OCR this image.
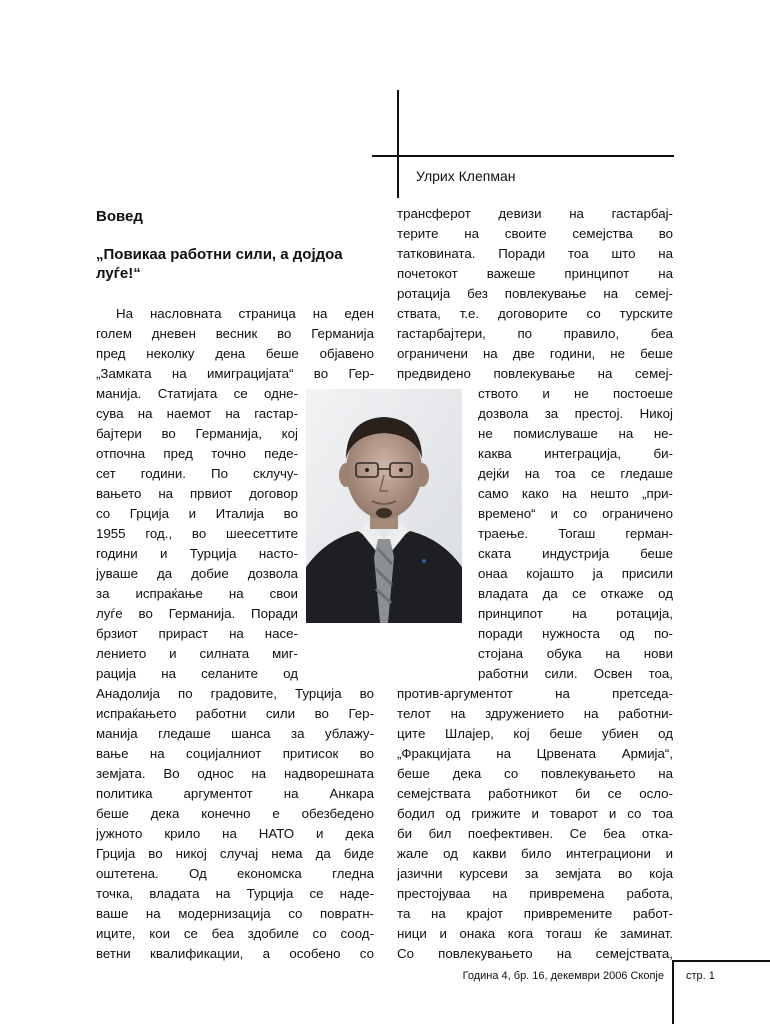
Улрих Клепман
Вовед
„Повикаа работни сили, а дојдоа луѓе!“
На насловната страница на еден
голем дневен весник во Германија
пред неколку дена беше објавено
„Замката на имиграцијата“ во Гер-
манија. Статијата се однe-
сува на наемот на гастар-
бајтери во Германија, кој
отпочна пред точно педе-
сет години. По склучу-
вањето на првиот договор
со Грција и Италија во
1955 год., во шеесеттите
години и Турција насто-
јуваше да добие дозвола
за испраќање на свои
луѓе во Германија. Поради
брзиот прираст на насе-
лението и силната миг-
рација на селаните од
Анадолија по градовите, Турција во
испраќањето работни сили во Гер-
манија гледаше шанса за ублажу-
вање на социјалниот притисок во
земјата. Во однос на надворешната
политика аргументот на Анкара
беше дека конечно е обезбедено
јужното крило на НАТО и дека
Грција во никој случај нема да биде
оштетена. Од економска гледна
точка, владата на Турција се наде-
ваше на модернизација со повратн-
иците, кои се беа здобиле со соод-
ветни квалификации, а особено со
трансферот девизи на гастарбај-
терите на своите семејства во
татковината. Поради тоа што на
почетокот важеше принципот на
ротација без повлекување на семеј-
ствата, т.е. договорите со турските
гастарбајтери, по правило, беа
ограничени на две години, не беше
предвидено повлекување на семеј-
ството и не постоеше
дозвола за престој. Никој
не помислуваше на не-
каква интеграција, би-
дејќи на тоа се гледаше
само како на нешто „при-
времено“ и со ограничено
траење. Тогаш герман-
ската индустрија беше
онаа којашто ја присили
владата да се откаже од
принципот на ротација,
поради нужноста од по-
стојана обука на нови
работни сили. Освен тоа,
против-аргументот на претседа-
телот на здружението на работни-
ците Шлаjер, кој беше убиен од
„Фракцијата на Црвената Армија“,
беше дека со повлекувањето на
семејствата работникот би се осло-
бодил од грижите и товарот и со тоа
би бил поефективен. Се беа отка-
жале од какви било интеграциони и
јазични курсеви за земјата во која
престојуваа на привремена работа,
та на крајот привремените работ-
ници и онака кога тогаш ќе заминат.
Со повлекувањето на семејствата,
Година 4, бр. 16, декември 2006 Скопје стр. 1
